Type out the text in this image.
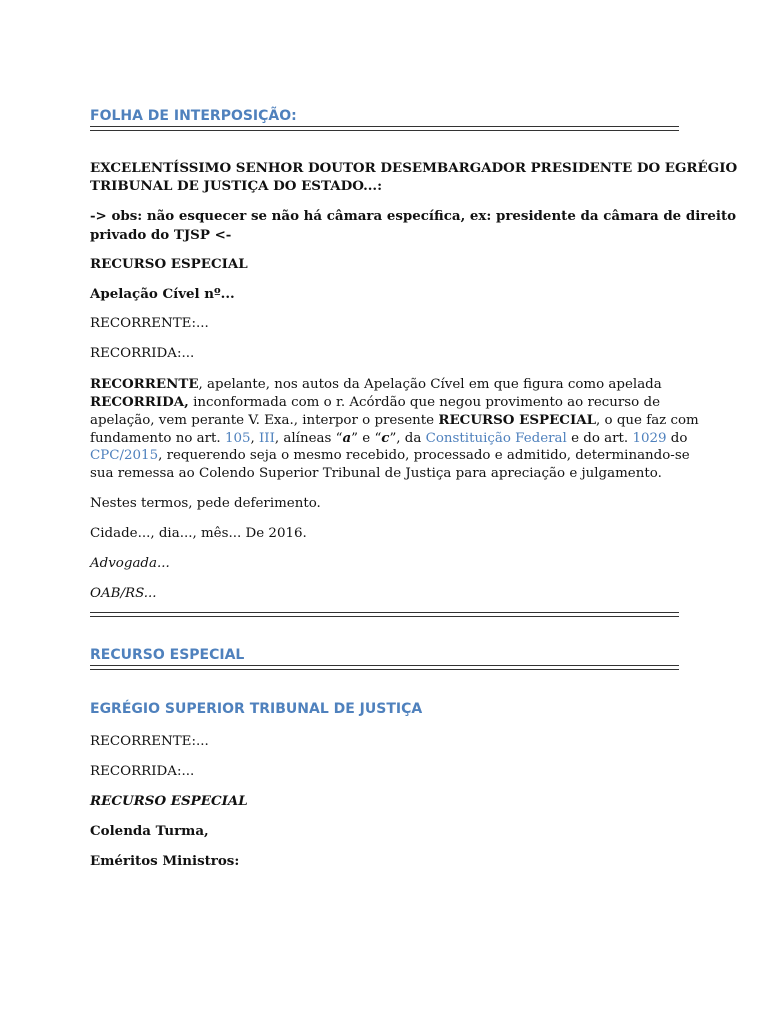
FOLHA DE INTERPOSIÇÃO:
EXCELENTÍSSIMO SENHOR DOUTOR DESEMBARGADOR PRESIDENTE DO EGRÉGIO
TRIBUNAL DE JUSTIÇA DO ESTADO...:
-> obs: não esquecer se não há câmara específica, ex: presidente da câmara de direito
privado do TJSP <-
RECURSO ESPECIAL
Apelação Cível nº...
RECORRENTE:...
RECORRIDA:...
RECORRENTE, apelante, nos autos da Apelação Cível em que figura como apelada
RECORRIDA, inconformada com o r. Acórdão que negou provimento ao recurso de
apelação, vem perante V. Exa., interpor o presente RECURSO ESPECIAL, o que faz com
fundamento no art. 105, III, alíneas “a” e “c”, da Constituição Federal e do art. 1029 do
CPC/2015, requerendo seja o mesmo recebido, processado e admitido, determinando-se
sua remessa ao Colendo Superior Tribunal de Justiça para apreciação e julgamento.
Nestes termos, pede deferimento.
Cidade..., dia..., mês... De 2016.
Advogada...
OAB/RS...
RECURSO ESPECIAL
EGRÉGIO SUPERIOR TRIBUNAL DE JUSTIÇA
RECORRENTE:...
RECORRIDA:...
RECURSO ESPECIAL
Colenda Turma,
Eméritos Ministros:
